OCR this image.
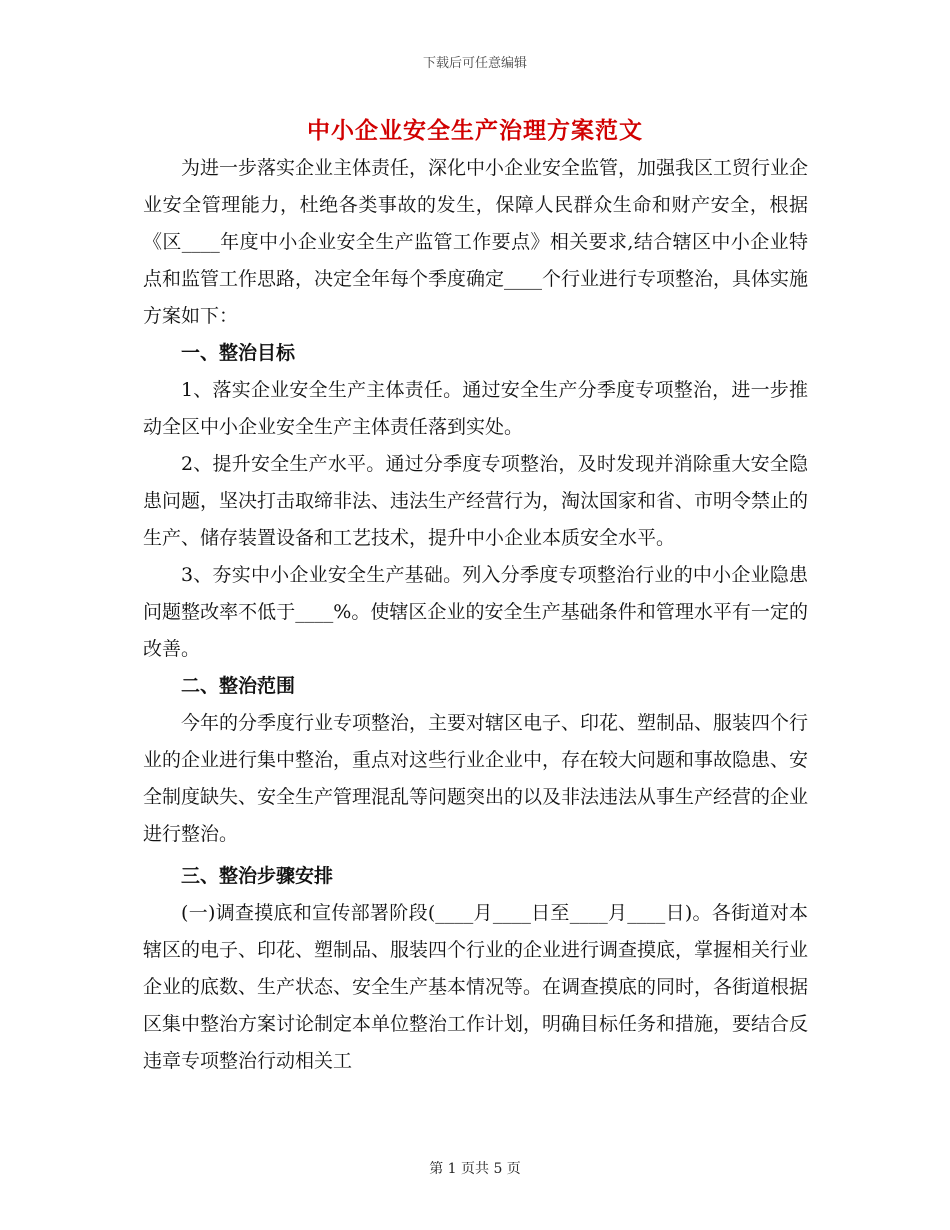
下载后可任意编辑
中小企业安全生产治理方案范文

为进一步落实企业主体责任，深化中小企业安全监管，加强我区工贸行业企业安全管理能力，杜绝各类事故的发生，保障人民群众生命和财产安全，根据《区____年度中小企业安全生产监管工作要点》相关要求,结合辖区中小企业特点和监管工作思路，决定全年每个季度确定____个行业进行专项整治，具体实施方案如下：

一、整治目标

1、落实企业安全生产主体责任。通过安全生产分季度专项整治，进一步推动全区中小企业安全生产主体责任落到实处。

2、提升安全生产水平。通过分季度专项整治，及时发现并消除重大安全隐患问题，坚决打击取缔非法、违法生产经营行为，淘汰国家和省、市明令禁止的生产、储存装置设备和工艺技术，提升中小企业本质安全水平。

3、夯实中小企业安全生产基础。列入分季度专项整治行业的中小企业隐患问题整改率不低于____%。使辖区企业的安全生产基础条件和管理水平有一定的改善。

二、整治范围

今年的分季度行业专项整治，主要对辖区电子、印花、塑制品、服装四个行业的企业进行集中整治，重点对这些行业企业中，存在较大问题和事故隐患、安全制度缺失、安全生产管理混乱等问题突出的以及非法违法从事生产经营的企业进行整治。

三、整治步骤安排

(一)调查摸底和宣传部署阶段(____月____日至____月____日)。各街道对本辖区的电子、印花、塑制品、服装四个行业的企业进行调查摸底，掌握相关行业企业的底数、生产状态、安全生产基本情况等。在调查摸底的同时，各街道根据区集中整治方案讨论制定本单位整治工作计划，明确目标任务和措施，要结合反违章专项整治行动相关工

第 1 页共 5 页
